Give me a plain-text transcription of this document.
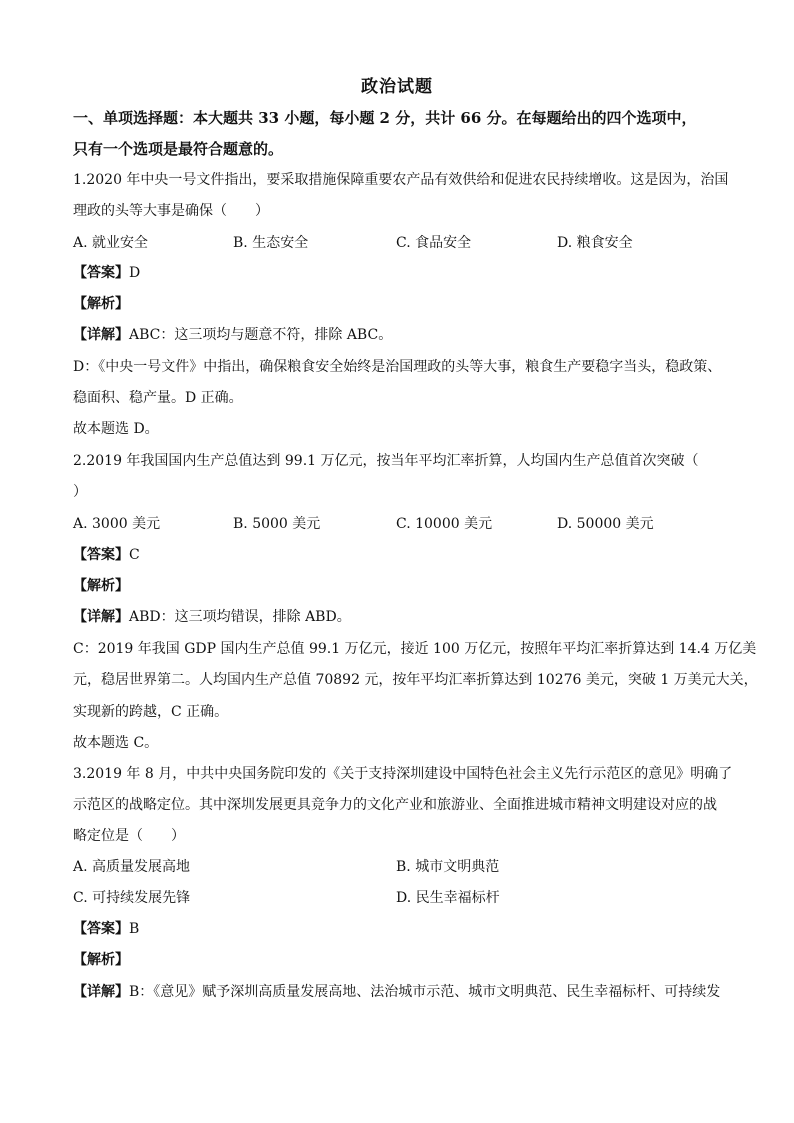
政治试题
一、单项选择题：本大题共 33 小题，每小题 2 分，共计 66 分。在每题给出的四个选项中，
只有一个选项是最符合题意的。
1.2020 年中央一号文件指出，要采取措施保障重要农产品有效供给和促进农民持续增收。这是因为，治国
理政的头等大事是确保（　　）
A. 就业安全	B. 生态安全	C. 食品安全	D. 粮食安全
【答案】D
【解析】
【详解】ABC：这三项均与题意不符，排除 ABC。
D：《中央一号文件》中指出，确保粮食安全始终是治国理政的头等大事，粮食生产要稳字当头，稳政策、
稳面积、稳产量。D 正确。
故本题选 D。
2.2019 年我国国内生产总值达到 99.1 万亿元，按当年平均汇率折算，人均国内生产总值首次突破（
）
A. 3000 美元	B. 5000 美元	C. 10000 美元	D. 50000 美元
【答案】C
【解析】
【详解】ABD：这三项均错误，排除 ABD。
C：2019 年我国 GDP 国内生产总值 99.1 万亿元，接近 100 万亿元，按照年平均汇率折算达到 14.4 万亿美
元，稳居世界第二。人均国内生产总值 70892 元，按年平均汇率折算达到 10276 美元，突破 1 万美元大关，
实现新的跨越，C 正确。
故本题选 C。
3.2019 年 8 月，中共中央国务院印发的《关于支持深圳建设中国特色社会主义先行示范区的意见》明确了
示范区的战略定位。其中深圳发展更具竞争力的文化产业和旅游业、全面推进城市精神文明建设对应的战
略定位是（　　）
A. 高质量发展高地	B. 城市文明典范
C. 可持续发展先锋	D. 民生幸福标杆
【答案】B
【解析】
【详解】B：《意见》赋予深圳高质量发展高地、法治城市示范、城市文明典范、民生幸福标杆、可持续发
